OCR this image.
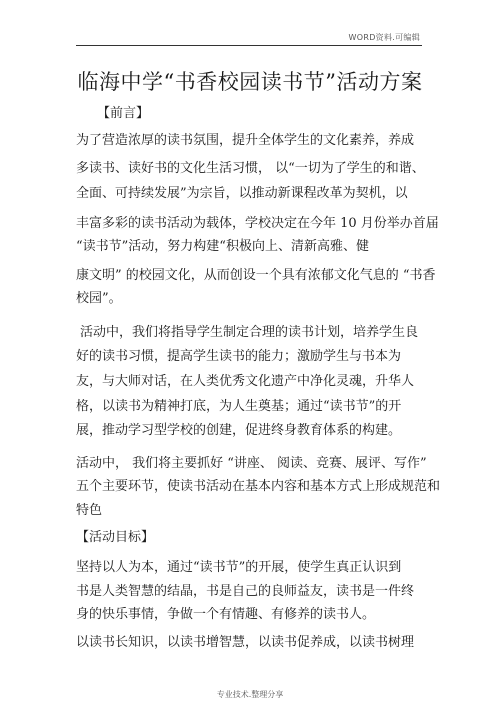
WORD资料.可编辑
临海中学“书香校园读书节”活动方案
【前言】
为了营造浓厚的读书氛围，提升全体学生的文化素养，养成
多读书、读好书的文化生活习惯， 以“一切为了学生的和谐、
全面、可持续发展”为宗旨，以推动新课程改革为契机，以
丰富多彩的读书活动为载体，学校决定在今年 10 月份举办首届
“读书节”活动，努力构建“积极向上、清新高雅、健
康文明” 的校园文化，从而创设一个具有浓郁文化气息的 “书香
校园”。
活动中，我们将指导学生制定合理的读书计划，培养学生良
好的读书习惯，提高学生读书的能力；激励学生与书本为
友，与大师对话，在人类优秀文化遗产中净化灵魂，升华人
格，以读书为精神打底，为人生奠基；通过“读书节”的开
展，推动学习型学校的创建，促进终身教育体系的构建。
活动中， 我们将主要抓好 “讲座、 阅读、竞赛、展评、写作”
五个主要环节，使读书活动在基本内容和基本方式上形成规范和
特色
【活动目标】
坚持以人为本，通过“读书节”的开展，使学生真正认识到
书是人类智慧的结晶，书是自己的良师益友，读书是一件终
身的快乐事情，争做一个有情趣、有修养的读书人。
以读书长知识，以读书增智慧，以读书促养成，以读书树理
专业技术.整理分享
